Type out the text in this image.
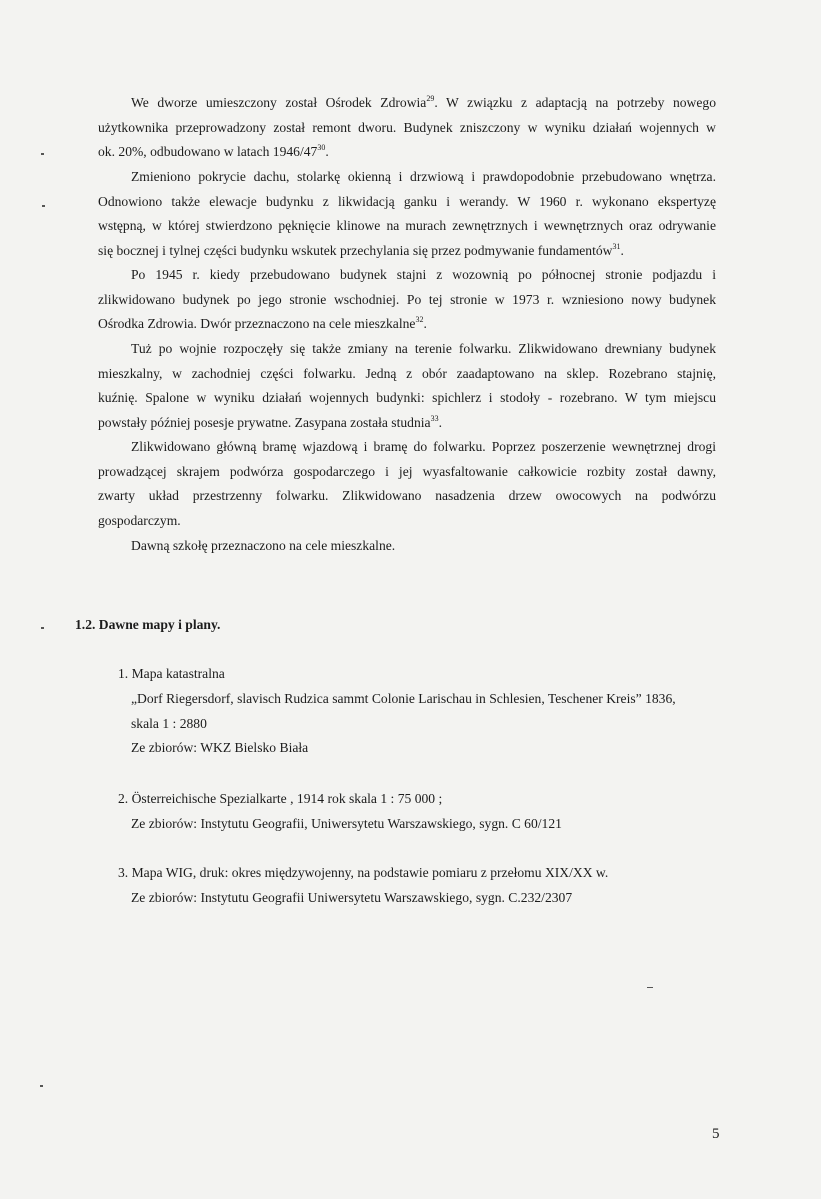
We dworze umieszczony został Ośrodek Zdrowia$^{29}$. W związku z adaptacją na potrzeby nowego
użytkownika przeprowadzony został remont dworu. Budynek zniszczony w wyniku działań wojennych w
ok. 20%, odbudowano w latach $1946/47^{30}$.
Zmieniono pokrycie dachu, stolarkę okienną i drzwiową i prawdopodobnie przebudowano wnętrza.
Odnowiono także elewacje budynku z likwidacją ganku i werandy. W 1960 r. wykonano ekspertyzę
wstępną, w której stwierdzono pęknięcie klinowe na murach zewnętrznych i wewnętrznych oraz odrywanie
się bocznej i tylnej części budynku wskutek przechylania się przez podmywanie fundamentów$^{31}$.
Po 1945 r. kiedy przebudowano budynek stajni z wozownią po północnej stronie podjazdu i
zlikwidowano budynek po jego stronie wschodniej. Po tej stronie w 1973 r. wzniesiono nowy budynek
Ośrodka Zdrowia. Dwór przeznaczono na cele mieszkalne$^{32}$.
Tuż po wojnie rozpoczęły się także zmiany na terenie folwarku. Zlikwidowano drewniany budynek
mieszkalny, w zachodniej części folwarku. Jedną z obór zaadaptowano na sklep. Rozebrano stajnię,
kuźnię. Spalone w wyniku działań wojennych budynki: spichlerz i stodoły - rozebrano. W tym miejscu
powstały później posesje prywatne. Zasypana została studnia$^{33}$.
Zlikwidowano główną bramę wjazdową i bramę do folwarku. Poprzez poszerzenie wewnętrznej drogi
prowadzącej skrajem podwórza gospodarczego i jej wyasfaltowanie całkowicie rozbity został dawny,
zwarty układ przestrzenny folwarku. Zlikwidowano nasadzenia drzew owocowych na podwórzu
gospodarczym.
Dawną szkołę przeznaczono na cele mieszkalne.
1.2. Dawne mapy i plany.
1. Mapa katastralna
„Dorf Riegersdorf, slavisch Rudzica sammt Colonie Larischau in Schlesien, Teschener Kreis” 1836,
skala 1 : 2880
Ze zbiorów: WKZ Bielsko Biała
2. Österreichische Spezialkarte , 1914 rok skala 1 : 75 000 ;
Ze zbiorów: Instytutu Geografii, Uniwersytetu Warszawskiego, sygn. C 60/121
3. Mapa WIG, druk: okres międzywojenny, na podstawie pomiaru z przełomu XIX/XX w.
Ze zbiorów: Instytutu Geografii Uniwersytetu Warszawskiego, sygn. C.232/2307
5
